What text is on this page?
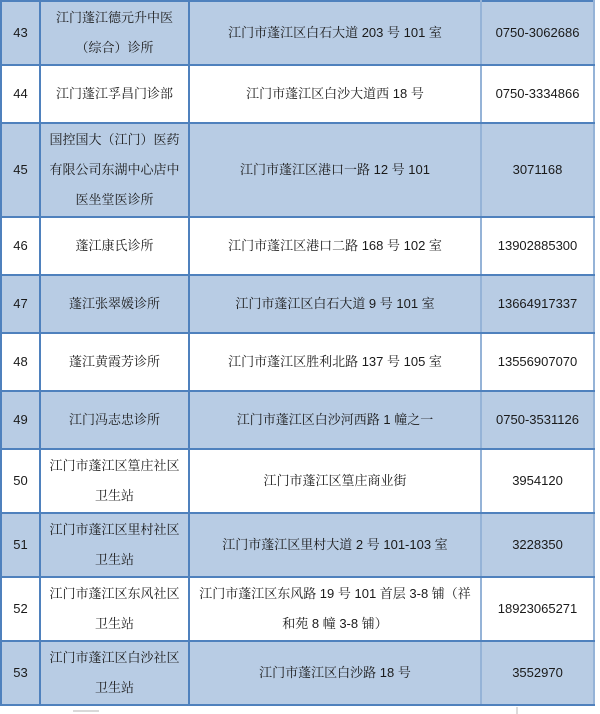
43	江门蓬江德元升中医（综合）诊所	江门市蓬江区白石大道 203 号 101 室	0750-3062686
44	江门蓬江孚昌门诊部	江门市蓬江区白沙大道西 18 号	0750-3334866
45	国控国大（江门）医药有限公司东湖中心店中医坐堂医诊所	江门市蓬江区港口一路 12 号 101	3071168
46	蓬江康氏诊所	江门市蓬江区港口二路 168 号 102 室	13902885300
47	蓬江张翠媛诊所	江门市蓬江区白石大道 9 号 101 室	13664917337
48	蓬江黄霞芳诊所	江门市蓬江区胜利北路 137 号 105 室	13556907070
49	江门冯志忠诊所	江门市蓬江区白沙河西路 1 幢之一	0750-3531126
50	江门市蓬江区篁庄社区卫生站	江门市蓬江区篁庄商业街	3954120
51	江门市蓬江区里村社区卫生站	江门市蓬江区里村大道 2 号 101-103 室	3228350
52	江门市蓬江区东风社区卫生站	江门市蓬江区东风路 19 号 101 首层 3-8 铺（祥和苑 8 幢 3-8 铺）	18923065271
53	江门市蓬江区白沙社区卫生站	江门市蓬江区白沙路 18 号	3552970
